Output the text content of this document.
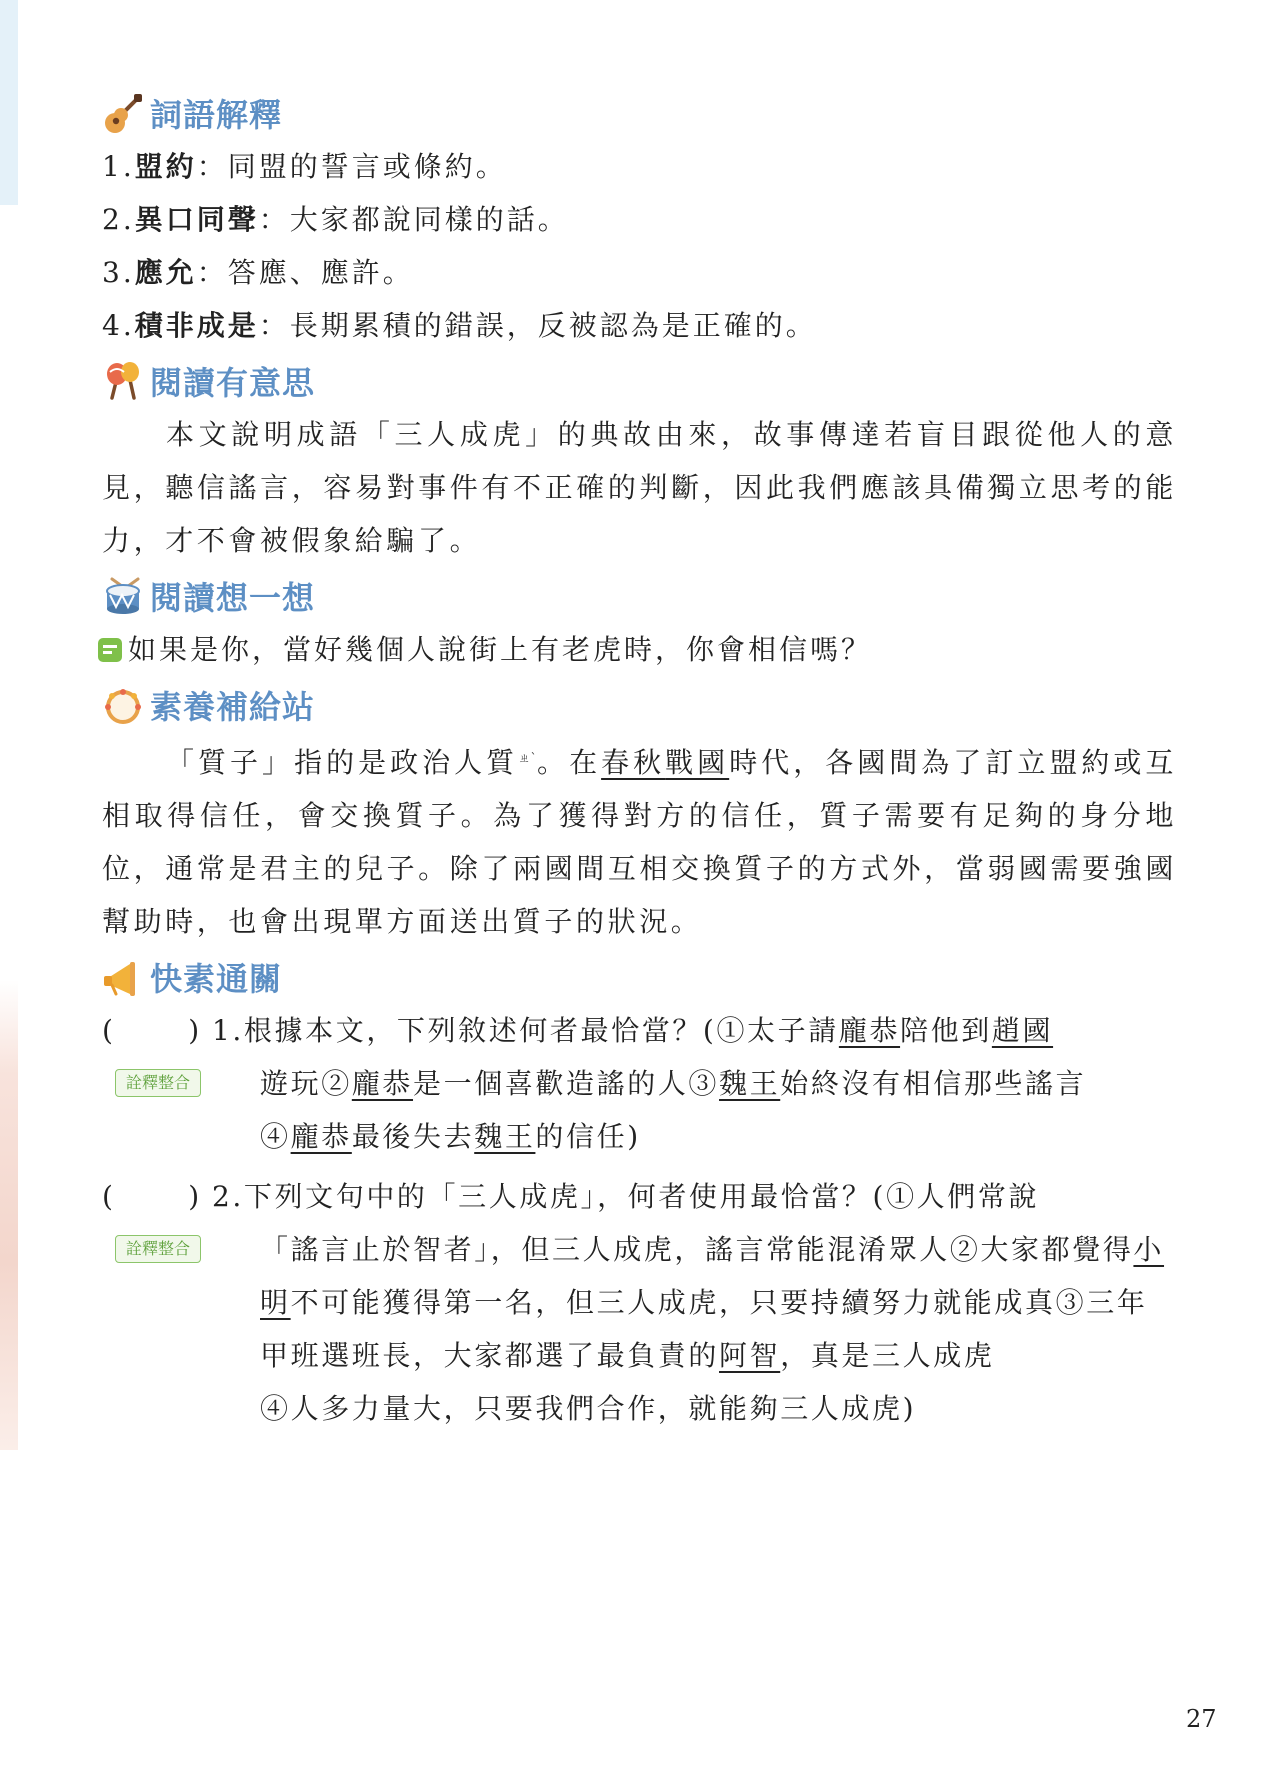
詞語解釋
1.盟約：同盟的誓言或條約。
2.異口同聲：大家都說同樣的話。
3.應允：答應、應許。
4.積非成是：長期累積的錯誤，反被認為是正確的。
閱讀有意思
本文說明成語「三人成虎」的典故由來，故事傳達若盲目跟從他人的意見，聽信謠言，容易對事件有不正確的判斷，因此我們應該具備獨立思考的能力，才不會被假象給騙了。
閱讀想一想
如果是你，當好幾個人說街上有老虎時，你會相信嗎？
素養補給站
「質子」指的是政治人質$^{ㄓˋ}$。在春秋戰國時代，各國間為了訂立盟約或互相取得信任，會交換質子。為了獲得對方的信任，質子需要有足夠的身分地位，通常是君主的兒子。除了兩國間互相交換質子的方式外，當弱國需要強國幫助時，也會出現單方面送出質子的狀況。
快素通關
詮釋整合
(　　 ) 1.根據本文，下列敘述何者最恰當？(①太子請龐恭陪他到趙國
遊玩②龐恭是一個喜歡造謠的人③魏王始終沒有相信那些謠言
④龐恭最後失去魏王的信任)
詮釋整合
(　　 ) 2.下列文句中的「三人成虎」，何者使用最恰當？(①人們常說
「謠言止於智者」，但三人成虎，謠言常能混淆眾人②大家都覺得小明不可能獲得第一名，但三人成虎，只要持續努力就能成真③三年甲班選班長，大家都選了最負責的阿智，真是三人成虎
④人多力量大，只要我們合作，就能夠三人成虎)
27
